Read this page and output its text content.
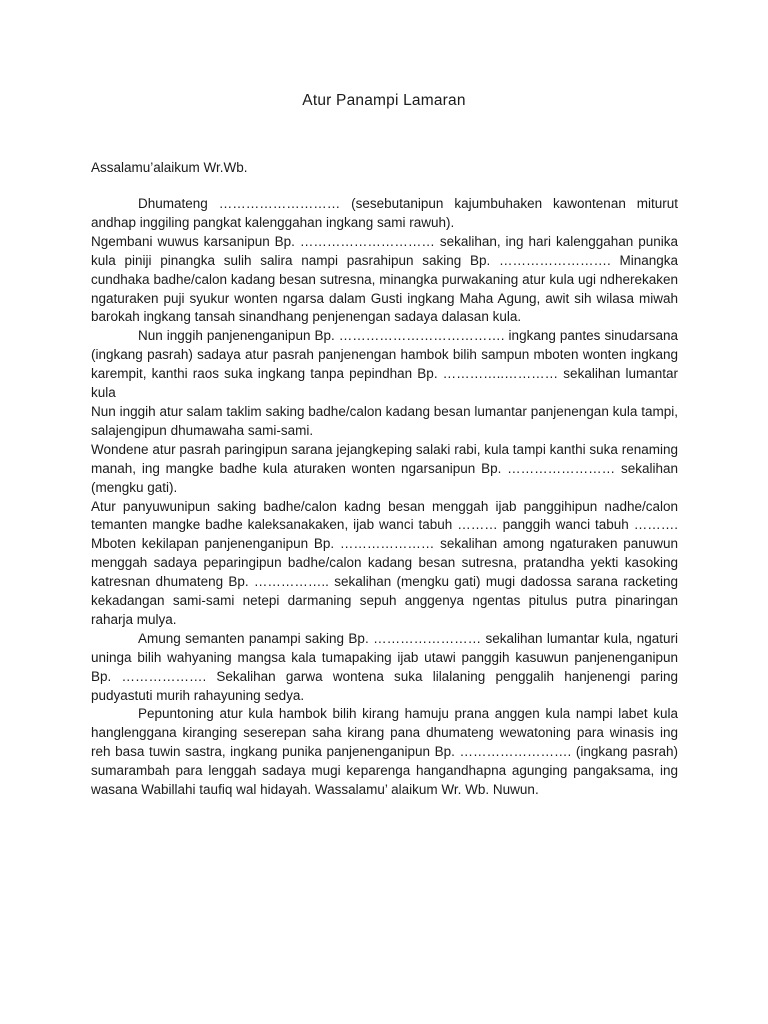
Atur Panampi Lamaran
Assalamu’alaikum Wr.Wb.

Dhumateng ……………………… (sesebutanipun kajumbuhaken kawontenan miturut andhap inggiling pangkat kalenggahan ingkang sami rawuh).

Ngembani wuwus karsanipun Bp. ………………………… sekalihan, ing hari kalenggahan punika kula piniji pinangka sulih salira nampi pasrahipun saking Bp. ……………………. Minangka cundhaka badhe/calon kadang besan sutresna, minangka purwakaning atur kula ugi ndherekaken ngaturaken puji syukur wonten ngarsa dalam Gusti ingkang Maha Agung, awit sih wilasa miwah barokah ingkang tansah sinandhang penjenengan sadaya dalasan kula.

Nun inggih panjenenganipun Bp. ………………………………. ingkang pantes sinudarsana (ingkang pasrah) sadaya atur pasrah panjenengan hambok bilih sampun mboten wonten ingkang karempit, kanthi raos suka ingkang tanpa pepindhan Bp. …………..………… sekalihan lumantar kula

Nun inggih atur salam taklim saking badhe/calon kadang besan lumantar panjenengan kula tampi, salajengipun dhumawaha sami-sami.

Wondene atur pasrah paringipun sarana jejangkeping salaki rabi, kula tampi kanthi suka renaming manah, ing mangke badhe kula aturaken wonten ngarsanipun Bp. …………………… sekalihan (mengku gati).

Atur panyuwunipun saking badhe/calon kadng besan menggah ijab panggihipun nadhe/calon temanten mangke badhe kaleksanakaken, ijab wanci tabuh ……… panggih wanci tabuh ………. Mboten kekilapan panjenenganipun Bp. ………………… sekalihan among ngaturaken panuwun menggah sadaya peparingipun badhe/calon kadang besan sutresna, pratandha yekti kasoking katresnan dhumateng Bp. …………….. sekalihan (mengku gati) mugi dadossa sarana racketing kekadangan sami-sami netepi darmaning sepuh anggenya ngentas pitulus putra pinaringan raharja mulya.

Amung semanten panampi saking Bp. …………………… sekalihan lumantar kula, ngaturi uninga bilih wahyaning mangsa kala tumapaking ijab utawi panggih kasuwun panjenenganipun Bp. ………………. Sekalihan garwa wontena suka lilalaning penggalih hanjenengi paring pudyastuti murih rahayuning sedya.

Pepuntoning atur kula hambok bilih kirang hamuju prana anggen kula nampi labet kula hanglenggana kiranging seserepan saha kirang pana dhumateng wewatoning para winasis ing reh basa tuwin sastra, ingkang punika panjenenganipun Bp. ……………………. (ingkang pasrah) sumarambah para lenggah sadaya mugi keparenga hangandhapna agunging pangaksama, ing wasana Wabillahi taufiq wal hidayah. Wassalamu’ alaikum Wr. Wb. Nuwun.
